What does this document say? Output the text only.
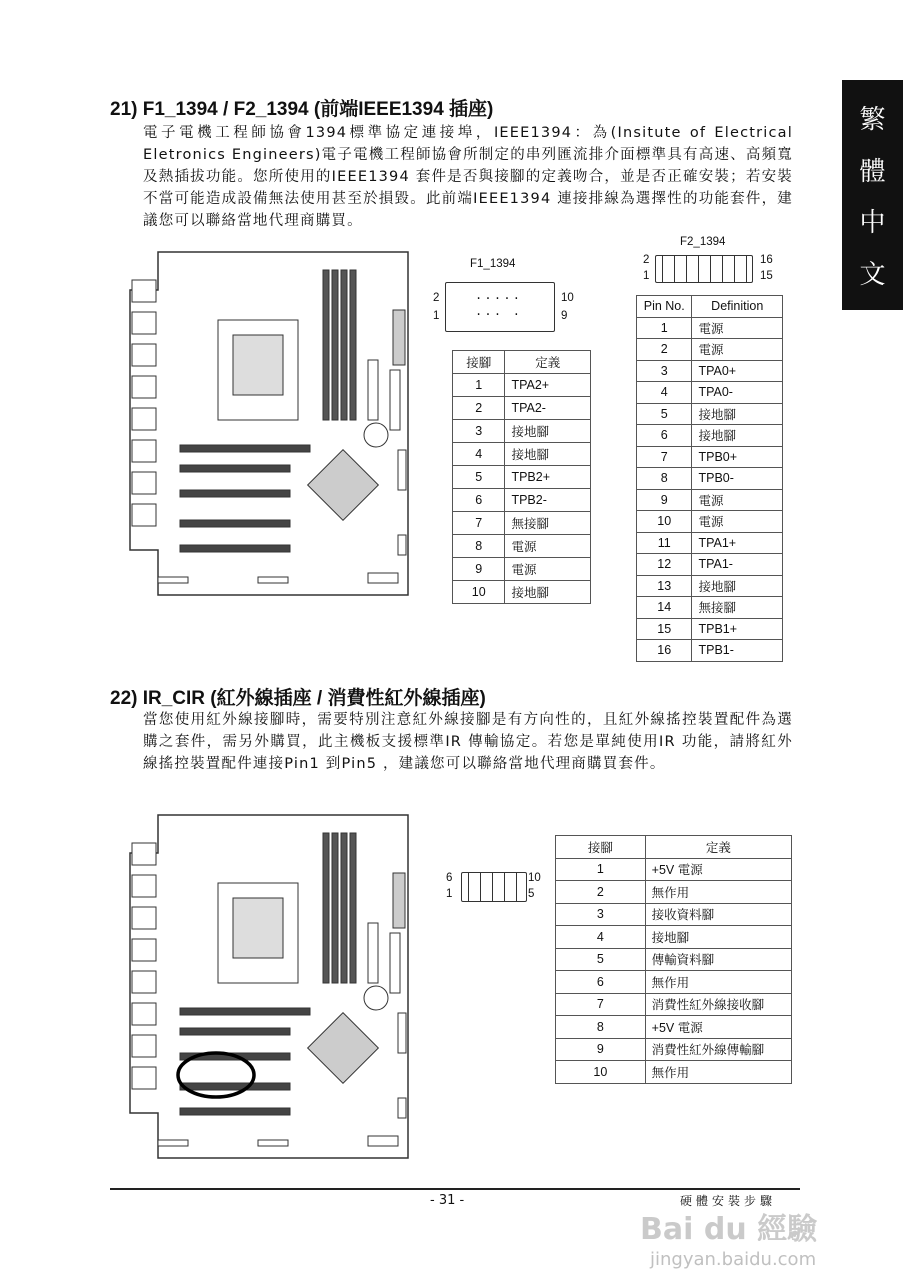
繁
體
中
文
21) F1_1394 / F2_1394 (前端IEEE1394 插座)
電子電機工程師協會1394標準協定連接埠，IEEE1394：為(Insitute of Electrical Eletronics Engineers)電子電機工程師協會所制定的串列匯流排介面標準具有高速、高頻寬及熱插拔功能。您所使用的IEEE1394 套件是否與接腳的定義吻合，並是否正確安裝；若安裝不當可能造成設備無法使用甚至於損毀。此前端IEEE1394 連接排線為選擇性的功能套件，建議您可以聯絡當地代理商購買。
F2_1394
2
1
16
15
F1_1394
2
1
10
9
·····
··· ·
接腳	定義
1	TPA2+
2	TPA2-
3	接地腳
4	接地腳
5	TPB2+
6	TPB2-
7	無接腳
8	電源
9	電源
10	接地腳
Pin No.	Definition
1	電源
2	電源
3	TPA0+
4	TPA0-
5	接地腳
6	接地腳
7	TPB0+
8	TPB0-
9	電源
10	電源
11	TPA1+
12	TPA1-
13	接地腳
14	無接腳
15	TPB1+
16	TPB1-
22) IR_CIR (紅外線插座 / 消費性紅外線插座)
當您使用紅外線接腳時，需要特別注意紅外線接腳是有方向性的，且紅外線搖控裝置配件為選購之套件，需另外購買，此主機板支援標準IR 傳輸協定。若您是單純使用IR 功能，請將紅外線搖控裝置配件連接Pin1 到Pin5 ，建議您可以聯絡當地代理商購買套件。
6
1
10
5
接腳	定義
1	+5V 電源
2	無作用
3	接收資料腳
4	接地腳
5	傳輸資料腳
6	無作用
7	消費性紅外線接收腳
8	+5V 電源
9	消費性紅外線傳輸腳
10	無作用
- 31 -	硬體安裝步驟
Bai du 經驗
jingyan.baidu.com
